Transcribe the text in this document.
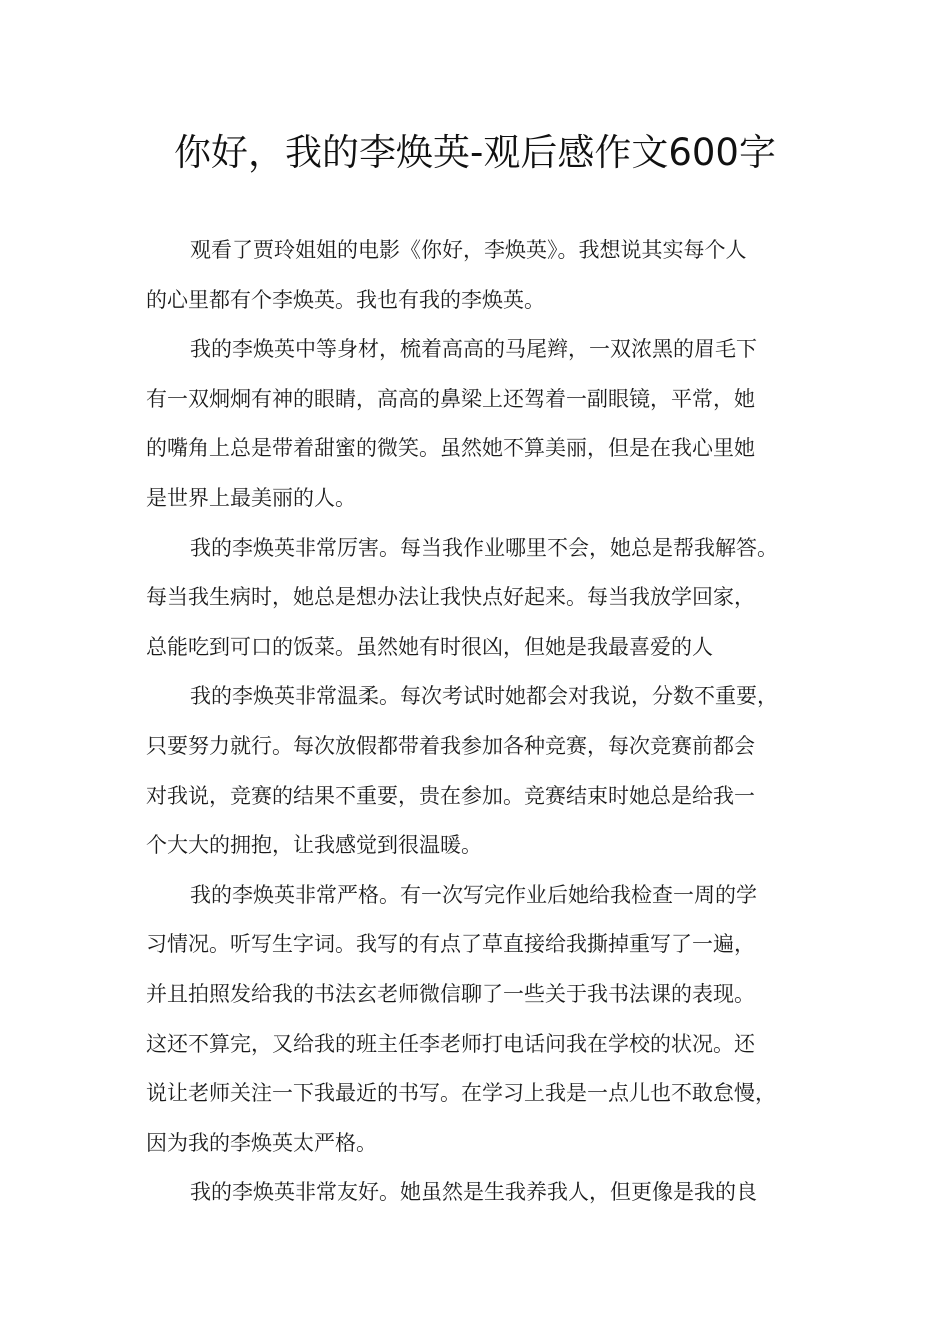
你好，我的李焕英-观后感作文600字
观看了贾玲姐姐的电影《你好，李焕英》。我想说其实每个人
的心里都有个李焕英。我也有我的李焕英。
我的李焕英中等身材，梳着高高的马尾辫，一双浓黑的眉毛下
有一双炯炯有神的眼睛，高高的鼻梁上还驾着一副眼镜，平常，她
的嘴角上总是带着甜蜜的微笑。虽然她不算美丽，但是在我心里她
是世界上最美丽的人。
我的李焕英非常厉害。每当我作业哪里不会，她总是帮我解答。
每当我生病时，她总是想办法让我快点好起来。每当我放学回家，
总能吃到可口的饭菜。虽然她有时很凶，但她是我最喜爱的人
我的李焕英非常温柔。每次考试时她都会对我说，分数不重要，
只要努力就行。每次放假都带着我参加各种竞赛，每次竞赛前都会
对我说，竞赛的结果不重要，贵在参加。竞赛结束时她总是给我一
个大大的拥抱，让我感觉到很温暖。
我的李焕英非常严格。有一次写完作业后她给我检查一周的学
习情况。听写生字词。我写的有点了草直接给我撕掉重写了一遍，
并且拍照发给我的书法玄老师微信聊了一些关于我书法课的表现。
这还不算完，又给我的班主任李老师打电话问我在学校的状况。还
说让老师关注一下我最近的书写。在学习上我是一点儿也不敢怠慢，
因为我的李焕英太严格。
我的李焕英非常友好。她虽然是生我养我人，但更像是我的良
